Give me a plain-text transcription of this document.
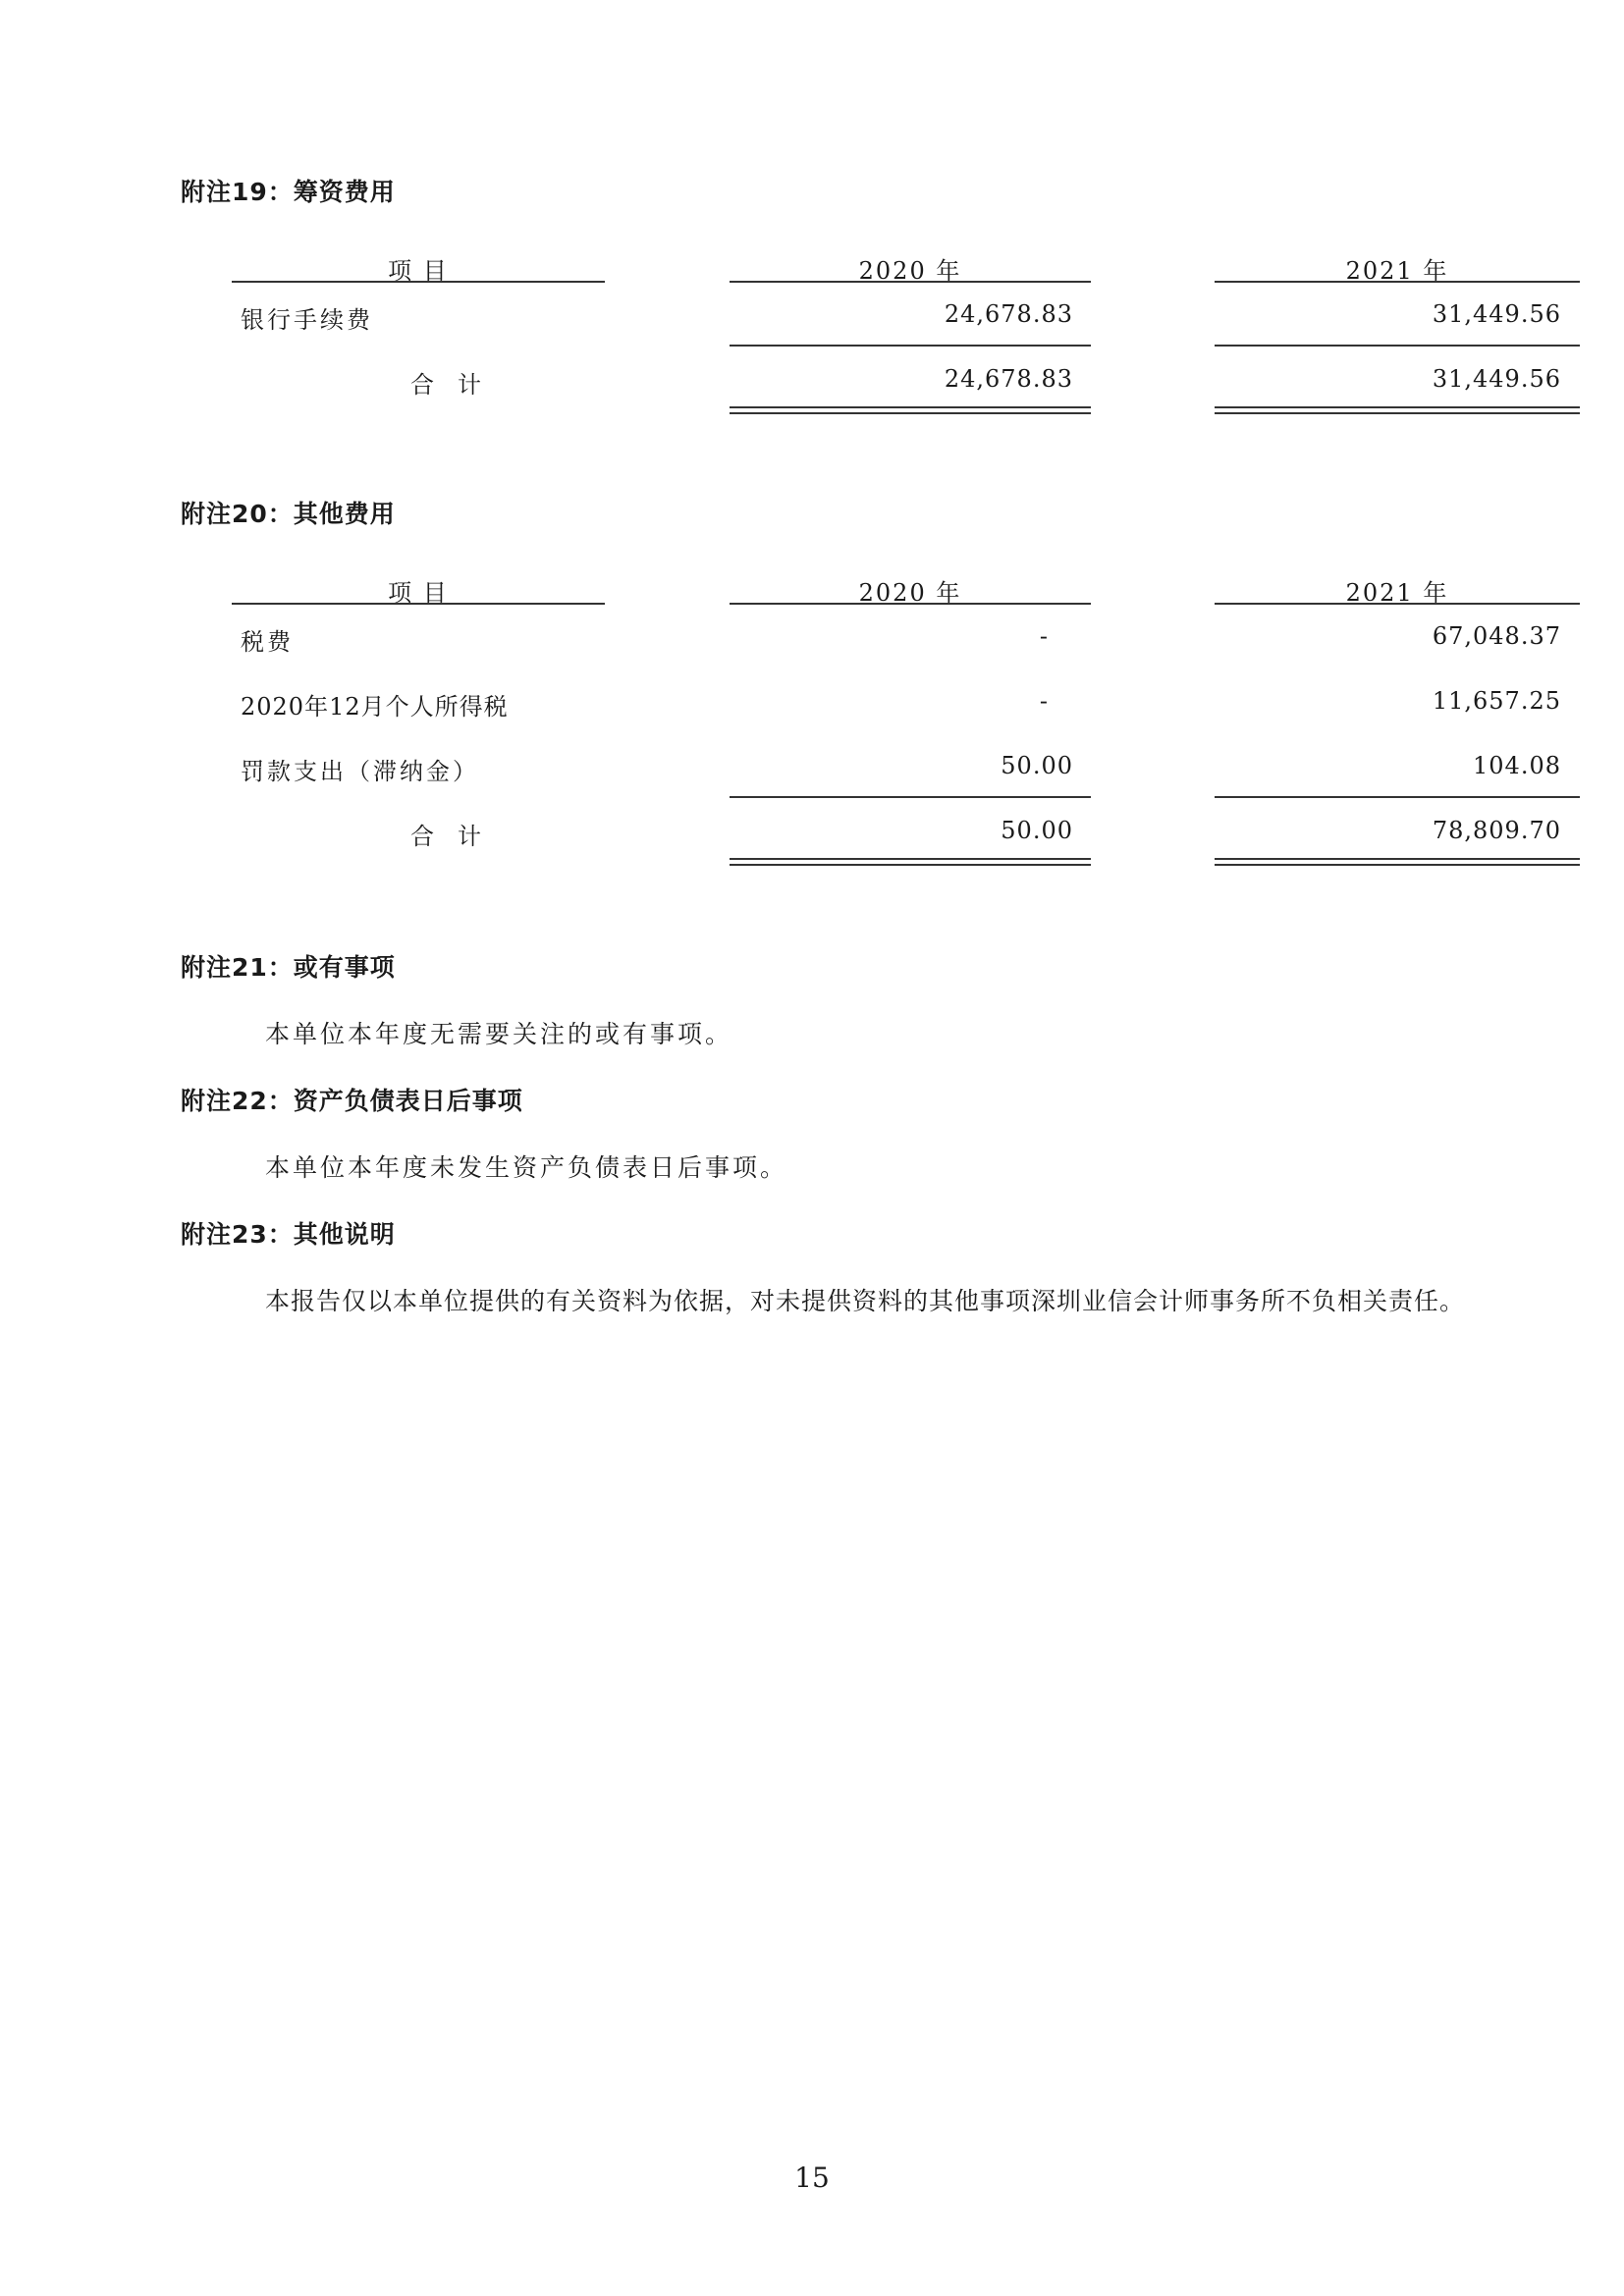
附注19：筹资费用
项 目	2020 年	2021 年
银行手续费	24,678.83	31,449.56
合计	24,678.83	31,449.56
附注20：其他费用
项 目	2020 年	2021 年
税费	-	67,048.37
2020年12月个人所得税	-	11,657.25
罚款支出（滞纳金）	50.00	104.08
合计	50.00	78,809.70
附注21：或有事项
本单位本年度无需要关注的或有事项。
附注22：资产负债表日后事项
本单位本年度未发生资产负债表日后事项。
附注23：其他说明
本报告仅以本单位提供的有关资料为依据，对未提供资料的其他事项深圳业信会计师事务所不负相关责任。
15
